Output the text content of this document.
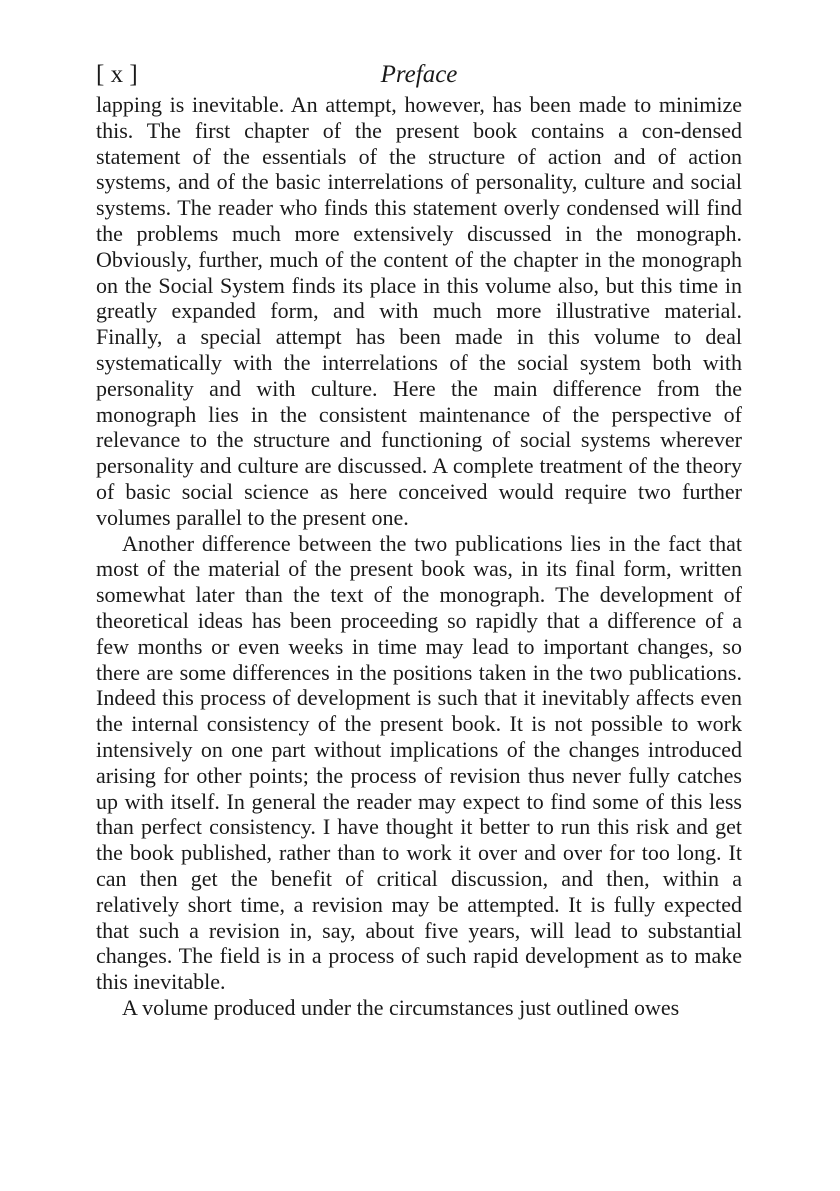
[ x ]	Preface

lapping is inevitable. An attempt, however, has been made to minimize this. The first chapter of the present book contains a con-densed statement of the essentials of the structure of action and of action systems, and of the basic interrelations of personality, culture and social systems. The reader who finds this statement overly condensed will find the problems much more extensively discussed in the monograph. Obviously, further, much of the content of the chapter in the monograph on the Social System finds its place in this volume also, but this time in greatly expanded form, and with much more illustrative material. Finally, a special attempt has been made in this volume to deal systematically with the interrelations of the social system both with personality and with culture. Here the main difference from the monograph lies in the consistent maintenance of the perspective of relevance to the structure and functioning of social systems wherever personality and culture are discussed. A complete treatment of the theory of basic social science as here conceived would require two further volumes parallel to the present one.

Another difference between the two publications lies in the fact that most of the material of the present book was, in its final form, written somewhat later than the text of the monograph. The development of theoretical ideas has been proceeding so rapidly that a difference of a few months or even weeks in time may lead to important changes, so there are some differences in the positions taken in the two publications. Indeed this process of development is such that it inevitably affects even the internal consistency of the present book. It is not possible to work intensively on one part without implications of the changes introduced arising for other points; the process of revision thus never fully catches up with itself. In general the reader may expect to find some of this less than perfect consistency. I have thought it better to run this risk and get the book published, rather than to work it over and over for too long. It can then get the benefit of critical discussion, and then, within a relatively short time, a revision may be attempted. It is fully expected that such a revision in, say, about five years, will lead to substantial changes. The field is in a process of such rapid development as to make this inevitable.

A volume produced under the circumstances just outlined owes
